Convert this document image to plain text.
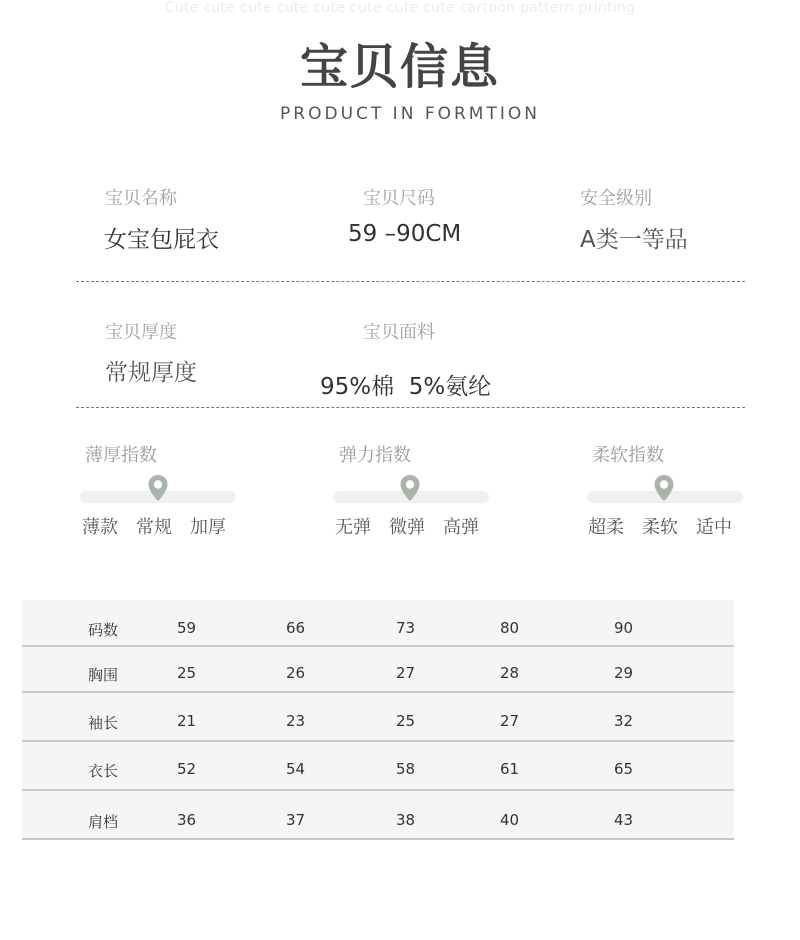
Cute cute cute cute cute cute cute cute cartoon pattern printing
宝贝信息
PRODUCT IN FORMTION
宝贝名称
女宝包屁衣
宝贝尺码
59 –90CM
安全级别
A类一等品
宝贝厚度
常规厚度
宝贝面料
95%棉  5%氨纶
薄厚指数
薄款 常规 加厚
弹力指数
无弹 微弹 高弹
柔软指数
超柔 柔软 适中
码数	59	66	73	80	90
胸围	25	26	27	28	29
袖长	21	23	25	27	32
衣长	52	54	58	61	65
肩档	36	37	38	40	43
